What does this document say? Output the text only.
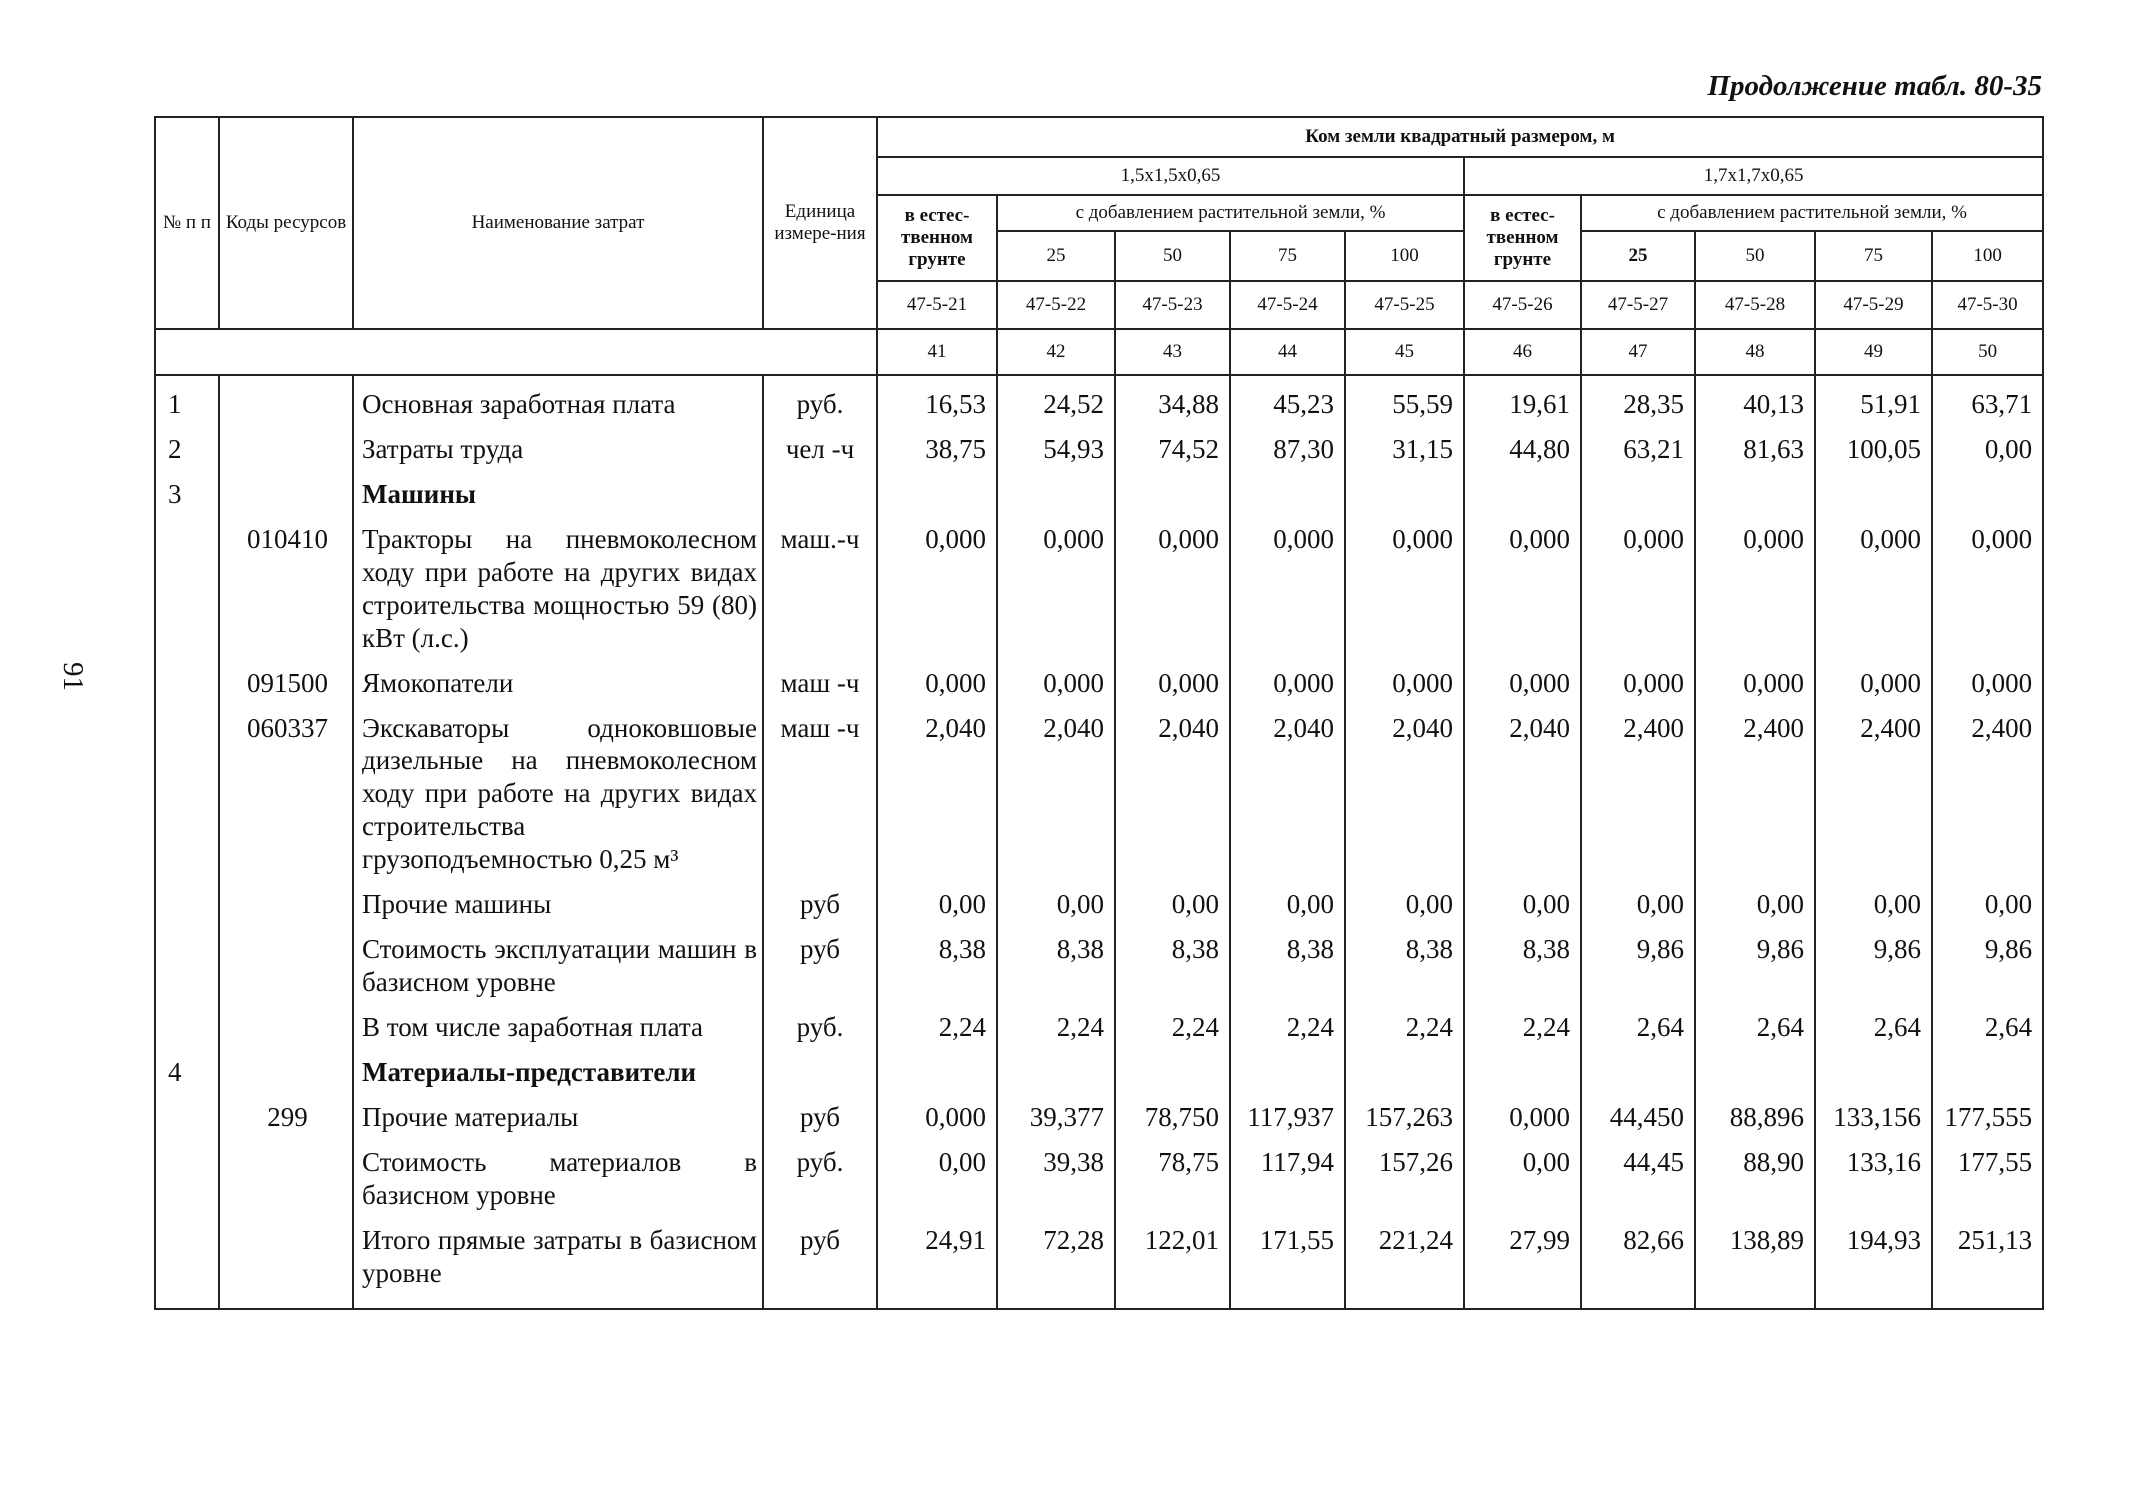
Продолжение табл. 80-35
91
№ п п	Коды ресурсов	Наименование затрат	Единица измере-ния	Ком земли квадратный размером, м									
				1,5х1,5х0,65					1,7х1,7х0,65				
				в естес-твенном грунте	с добавлением растительной земли, %				в естес-твенном грунте	с добавлением растительной земли, %			
					25	50	75	100		25	50	75	100
				47-5-21	47-5-22	47-5-23	47-5-24	47-5-25	47-5-26	47-5-27	47-5-28	47-5-29	47-5-30
				41	42	43	44	45	46	47	48	49	50
1		Основная заработная плата	руб.	16,53	24,52	34,88	45,23	55,59	19,61	28,35	40,13	51,91	63,71
2		Затраты труда	чел -ч	38,75	54,93	74,52	87,30	31,15	44,80	63,21	81,63	100,05	0,00
3		Машины											
	010410	Тракторы на пневмоколесном ходу при работе на других видах строительства мощностью 59 (80) кВт (л.с.)	маш.-ч	0,000	0,000	0,000	0,000	0,000	0,000	0,000	0,000	0,000	0,000
	091500	Ямокопатели	маш -ч	0,000	0,000	0,000	0,000	0,000	0,000	0,000	0,000	0,000	0,000
	060337	Экскаваторы одноковшовые дизельные на пневмоколесном ходу при работе на других видах строительства грузоподъемностью 0,25 м³	маш -ч	2,040	2,040	2,040	2,040	2,040	2,040	2,400	2,400	2,400	2,400
		Прочие машины	руб	0,00	0,00	0,00	0,00	0,00	0,00	0,00	0,00	0,00	0,00
		Стоимость эксплуатации машин в базисном уровне	руб	8,38	8,38	8,38	8,38	8,38	8,38	9,86	9,86	9,86	9,86
		В том числе заработная плата	руб.	2,24	2,24	2,24	2,24	2,24	2,24	2,64	2,64	2,64	2,64
4		Материалы-представители											
	299	Прочие материалы	руб	0,000	39,377	78,750	117,937	157,263	0,000	44,450	88,896	133,156	177,555
		Стоимость материалов в базисном уровне	руб.	0,00	39,38	78,75	117,94	157,26	0,00	44,45	88,90	133,16	177,55
		Итого прямые затраты в базисном уровне	руб	24,91	72,28	122,01	171,55	221,24	27,99	82,66	138,89	194,93	251,13
